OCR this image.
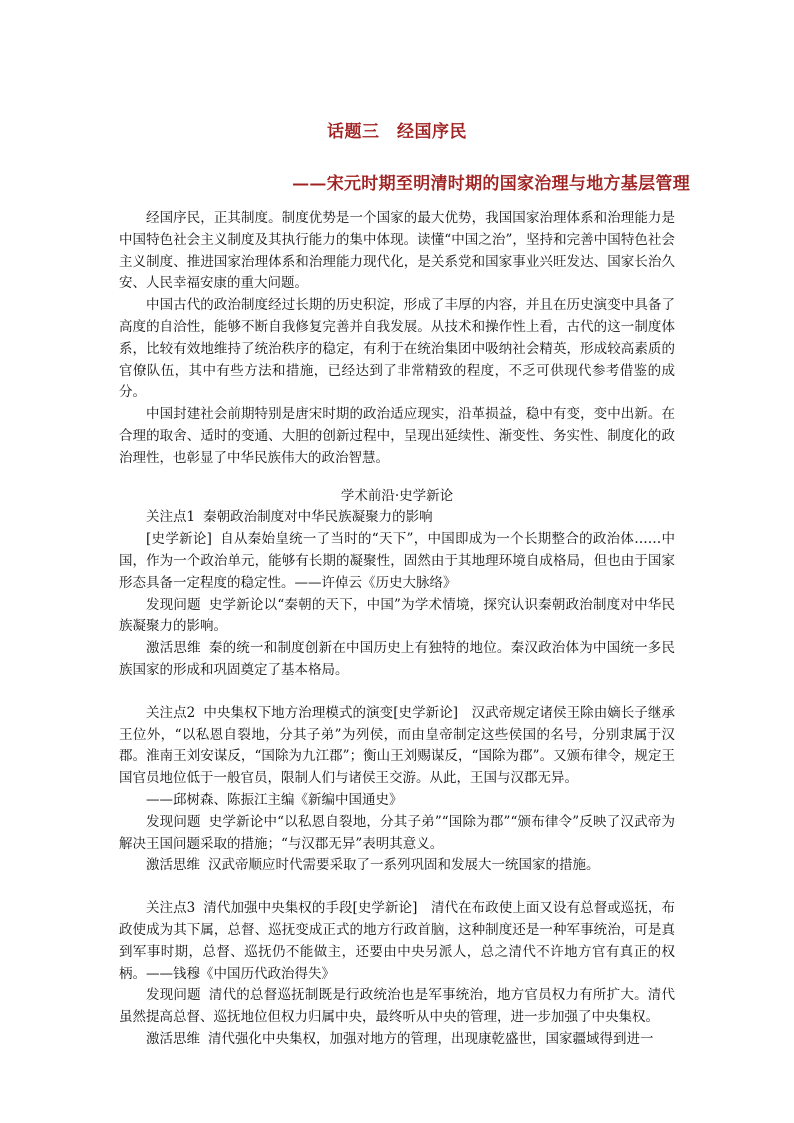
话题三　经国序民
——宋元时期至明清时期的国家治理与地方基层管理

经国序民，正其制度。制度优势是一个国家的最大优势，我国国家治理体系和治理能力是中国特色社会主义制度及其执行能力的集中体现。读懂“中国之治”，坚持和完善中国特色社会主义制度、推进国家治理体系和治理能力现代化，是关系党和国家事业兴旺发达、国家长治久安、人民幸福安康的重大问题。

中国古代的政治制度经过长期的历史积淀，形成了丰厚的内容，并且在历史演变中具备了高度的自洽性，能够不断自我修复完善并自我发展。从技术和操作性上看，古代的这一制度体系，比较有效地维持了统治秩序的稳定，有利于在统治集团中吸纳社会精英，形成较高素质的官僚队伍，其中有些方法和措施，已经达到了非常精致的程度，不乏可供现代参考借鉴的成分。

中国封建社会前期特别是唐宋时期的政治适应现实，沿革损益，稳中有变，变中出新。在合理的取舍、适时的变通、大胆的创新过程中，呈现出延续性、渐变性、务实性、制度化的政治理性，也彰显了中华民族伟大的政治智慧。

学术前沿·史学新论

关注点1 秦朝政治制度对中华民族凝聚力的影响

[史学新论] 自从秦始皇统一了当时的“天下”，中国即成为一个长期整合的政治体……中国，作为一个政治单元，能够有长期的凝聚性，固然由于其地理环境自成格局，但也由于国家形态具备一定程度的稳定性。——许倬云《历史大脉络》

发现问题 史学新论以“秦朝的天下，中国”为学术情境，探究认识秦朝政治制度对中华民族凝聚力的影响。

激活思维 秦的统一和制度创新在中国历史上有独特的地位。秦汉政治体为中国统一多民族国家的形成和巩固奠定了基本格局。

关注点2 中央集权下地方治理模式的演变[史学新论]　汉武帝规定诸侯王除由嫡长子继承王位外，“以私恩自裂地，分其子弟”为列侯，而由皇帝制定这些侯国的名号，分别隶属于汉郡。淮南王刘安谋反，“国除为九江郡”；衡山王刘赐谋反，“国除为郡”。又颁布律令，规定王国官员地位低于一般官员，限制人们与诸侯王交游。从此，王国与汉郡无异。

——邱树森、陈振江主编《新编中国通史》

发现问题 史学新论中“以私恩自裂地，分其子弟”“国除为郡”“颁布律令”反映了汉武帝为解决王国问题采取的措施；“与汉郡无异”表明其意义。

激活思维 汉武帝顺应时代需要采取了一系列巩固和发展大一统国家的措施。

关注点3 清代加强中央集权的手段[史学新论]　清代在布政使上面又设有总督或巡抚，布政使成为其下属，总督、巡抚变成正式的地方行政首脑，这种制度还是一种军事统治，可是真到军事时期，总督、巡抚仍不能做主，还要由中央另派人，总之清代不许地方官有真正的权柄。——钱穆《中国历代政治得失》

发现问题 清代的总督巡抚制既是行政统治也是军事统治，地方官员权力有所扩大。清代虽然提高总督、巡抚地位但权力归属中央，最终听从中央的管理，进一步加强了中央集权。

激活思维 清代强化中央集权，加强对地方的管理，出现康乾盛世，国家疆域得到进一
